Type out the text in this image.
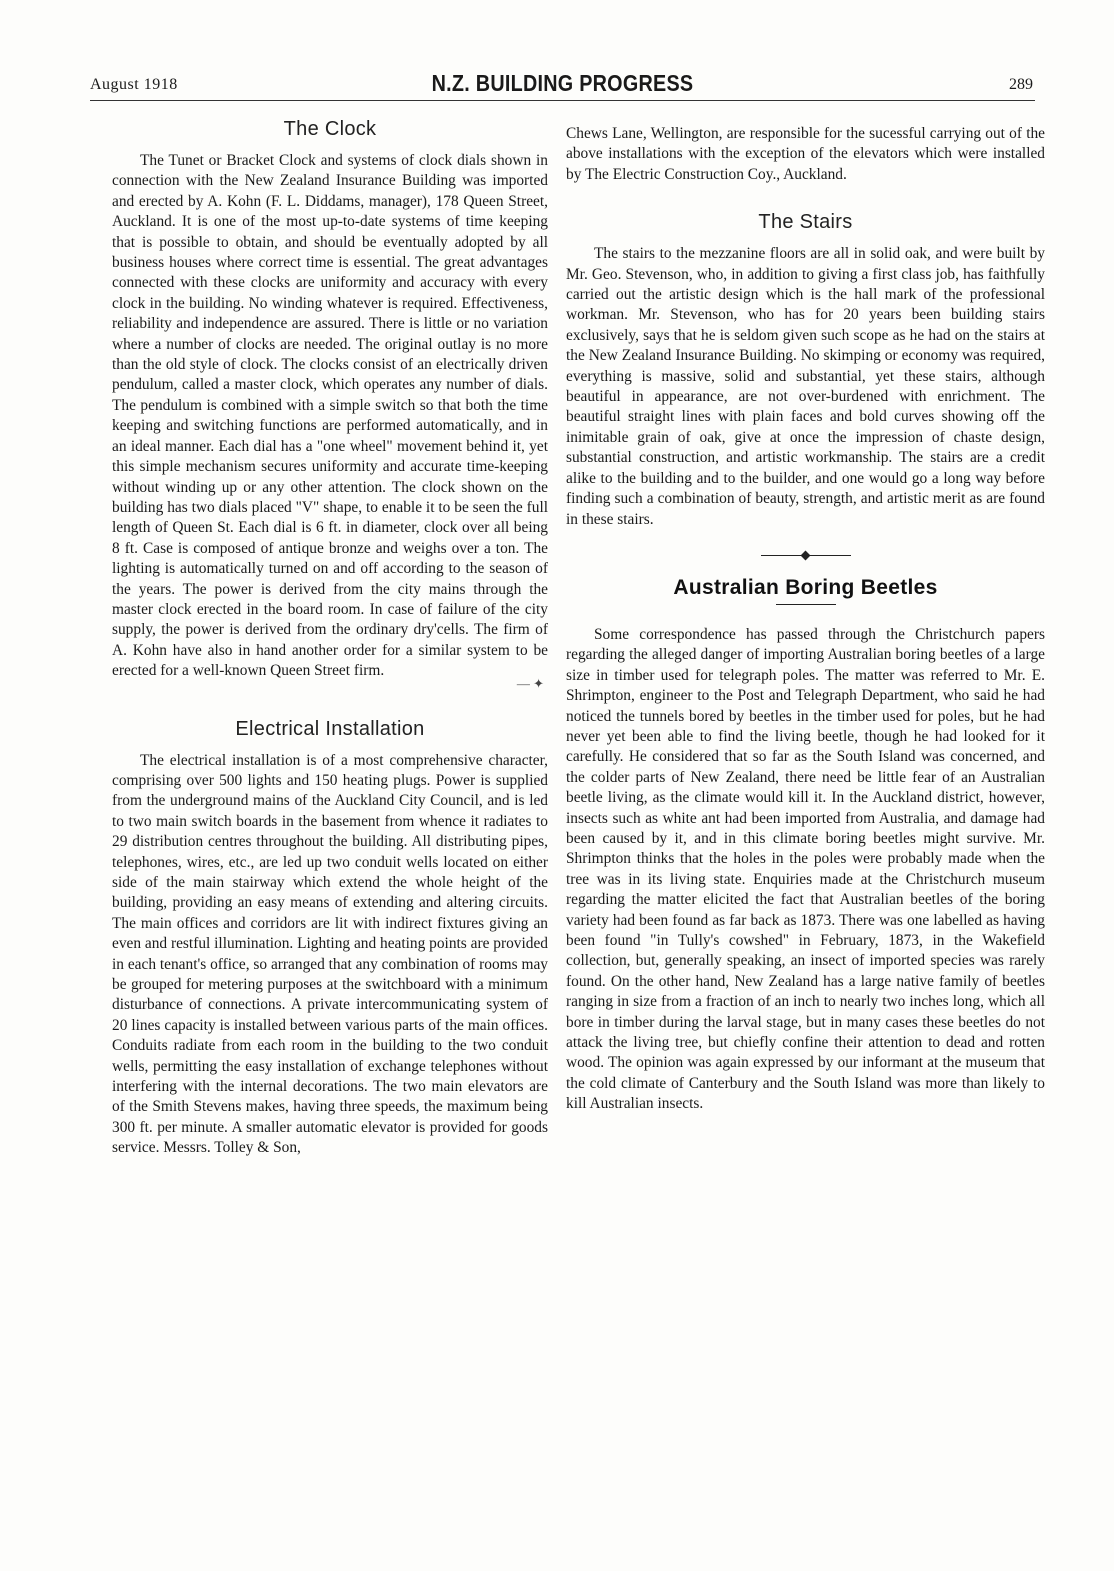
August 1918	N.Z. BUILDING PROGRESS	289
The Clock

The Tunet or Bracket Clock and systems of clock dials shown in connection with the New Zealand Insurance Building was imported and erected by A. Kohn (F. L. Diddams, manager), 178 Queen Street, Auckland. It is one of the most up-to-date systems of time keeping that is possible to obtain, and should be eventually adopted by all business houses where correct time is essential. The great advantages connected with these clocks are uniformity and accuracy with every clock in the building. No winding whatever is required. Effectiveness, reliability and independence are assured. There is little or no variation where a number of clocks are needed. The original outlay is no more than the old style of clock. The clocks consist of an electrically driven pendulum, called a master clock, which operates any number of dials. The pendulum is combined with a simple switch so that both the time keeping and switching functions are performed automatically, and in an ideal manner. Each dial has a "one wheel" movement behind it, yet this simple mechanism secures uniformity and accurate time-keeping without winding up or any other attention. The clock shown on the building has two dials placed "V" shape, to enable it to be seen the full length of Queen St. Each dial is 6 ft. in diameter, clock over all being 8 ft. Case is composed of antique bronze and weighs over a ton. The lighting is automatically turned on and off according to the season of the years. The power is derived from the city mains through the master clock erected in the board room. In case of failure of the city supply, the power is derived from the ordinary dry'cells. The firm of A. Kohn have also in hand another order for a similar system to be erected for a well-known Queen Street firm.

— ✦
Electrical Installation

The electrical installation is of a most comprehensive character, comprising over 500 lights and 150 heating plugs. Power is supplied from the underground mains of the Auckland City Council, and is led to two main switch boards in the basement from whence it radiates to 29 distribution centres throughout the building. All distributing pipes, telephones, wires, etc., are led up two conduit wells located on either side of the main stairway which extend the whole height of the building, providing an easy means of extending and altering circuits. The main offices and corridors are lit with indirect fixtures giving an even and restful illumination. Lighting and heating points are provided in each tenant's office, so arranged that any combination of rooms may be grouped for metering purposes at the switchboard with a minimum disturbance of connections. A private intercommunicating system of 20 lines capacity is installed between various parts of the main offices. Conduits radiate from each room in the building to the two conduit wells, permitting the easy installation of exchange telephones without interfering with the internal decorations. The two main elevators are of the Smith Stevens makes, having three speeds, the maximum being 300 ft. per minute. A smaller automatic elevator is provided for goods service. Messrs. Tolley & Son,

Chews Lane, Wellington, are responsible for the sucessful carrying out of the above installations with the exception of the elevators which were installed by The Electric Construction Coy., Auckland.

The Stairs

The stairs to the mezzanine floors are all in solid oak, and were built by Mr. Geo. Stevenson, who, in addition to giving a first class job, has faithfully carried out the artistic design which is the hall mark of the professional workman. Mr. Stevenson, who has for 20 years been building stairs exclusively, says that he is seldom given such scope as he had on the stairs at the New Zealand Insurance Building. No skimping or economy was required, everything is massive, solid and substantial, yet these stairs, although beautiful in appearance, are not over-burdened with enrichment. The beautiful straight lines with plain faces and bold curves showing off the inimitable grain of oak, give at once the impression of chaste design, substantial construction, and artistic workmanship. The stairs are a credit alike to the building and to the builder, and one would go a long way before finding such a combination of beauty, strength, and artistic merit as are found in these stairs.

Australian Boring Beetles

Some correspondence has passed through the Christchurch papers regarding the alleged danger of importing Australian boring beetles of a large size in timber used for telegraph poles. The matter was referred to Mr. E. Shrimpton, engineer to the Post and Telegraph Department, who said he had noticed the tunnels bored by beetles in the timber used for poles, but he had never yet been able to find the living beetle, though he had looked for it carefully. He considered that so far as the South Island was concerned, and the colder parts of New Zealand, there need be little fear of an Australian beetle living, as the climate would kill it. In the Auckland district, however, insects such as white ant had been imported from Australia, and damage had been caused by it, and in this climate boring beetles might survive. Mr. Shrimpton thinks that the holes in the poles were probably made when the tree was in its living state. Enquiries made at the Christchurch museum regarding the matter elicited the fact that Australian beetles of the boring variety had been found as far back as 1873. There was one labelled as having been found "in Tully's cowshed" in February, 1873, in the Wakefield collection, but, generally speaking, an insect of imported species was rarely found. On the other hand, New Zealand has a large native family of beetles ranging in size from a fraction of an inch to nearly two inches long, which all bore in timber during the larval stage, but in many cases these beetles do not attack the living tree, but chiefly confine their attention to dead and rotten wood. The opinion was again expressed by our informant at the museum that the cold climate of Canterbury and the South Island was more than likely to kill Australian insects.
